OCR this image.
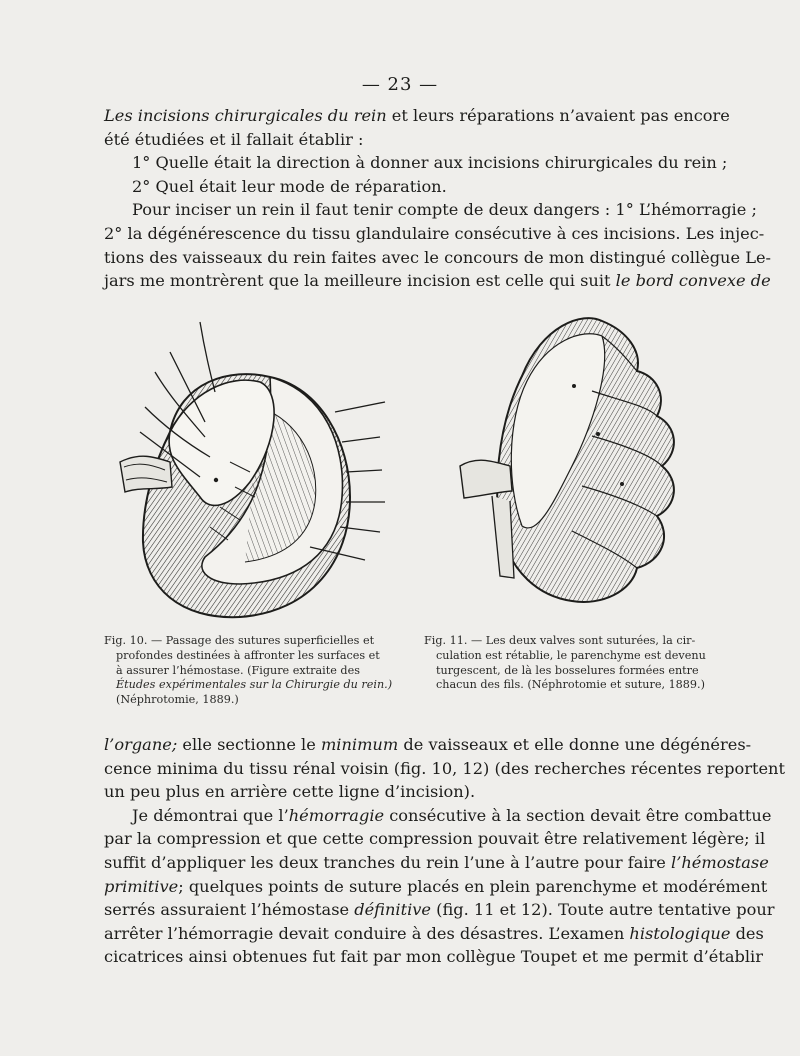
— 23 —
Les incisions chirurgicales du rein et leurs réparations n’avaient pas encore
été étudiées et il fallait établir :
1° Quelle était la direction à donner aux incisions chirurgicales du rein ;
2° Quel était leur mode de réparation.
Pour inciser un rein il faut tenir compte de deux dangers : 1° L’hémorragie ;
2° la dégénérescence du tissu glandulaire consécutive à ces incisions. Les injec-
tions des vaisseaux du rein faites avec le concours de mon distingué collègue Le-
jars me montrèrent que la meilleure incision est celle qui suit le bord convexe de
Fig. 10. — Passage des sutures superficielles et
profondes destinées à affronter les surfaces et
à assurer l’hémostase. (Figure extraite des
Études expérimentales sur la Chirurgie du rein.)
(Néphrotomie, 1889.)
Fig. 11. — Les deux valves sont suturées, la cir-
culation est rétablie, le parenchyme est devenu
turgescent, de là les bosselures formées entre
chacun des fils. (Néphrotomie et suture, 1889.)
l’organe; elle sectionne le minimum de vaisseaux et elle donne une dégénéres-
cence minima du tissu rénal voisin (fig. 10, 12) (des recherches récentes reportent
un peu plus en arrière cette ligne d’incision).
Je démontrai que l’hémorragie consécutive à la section devait être combattue
par la compression et que cette compression pouvait être relativement légère; il
suffit d’appliquer les deux tranches du rein l’une à l’autre pour faire l’hémostase
primitive; quelques points de suture placés en plein parenchyme et modérément
serrés assuraient l’hémostase définitive (fig. 11 et 12). Toute autre tentative pour
arrêter l’hémorragie devait conduire à des désastres. L’examen histologique des
cicatrices ainsi obtenues fut fait par mon collègue Toupet et me permit d’établir
